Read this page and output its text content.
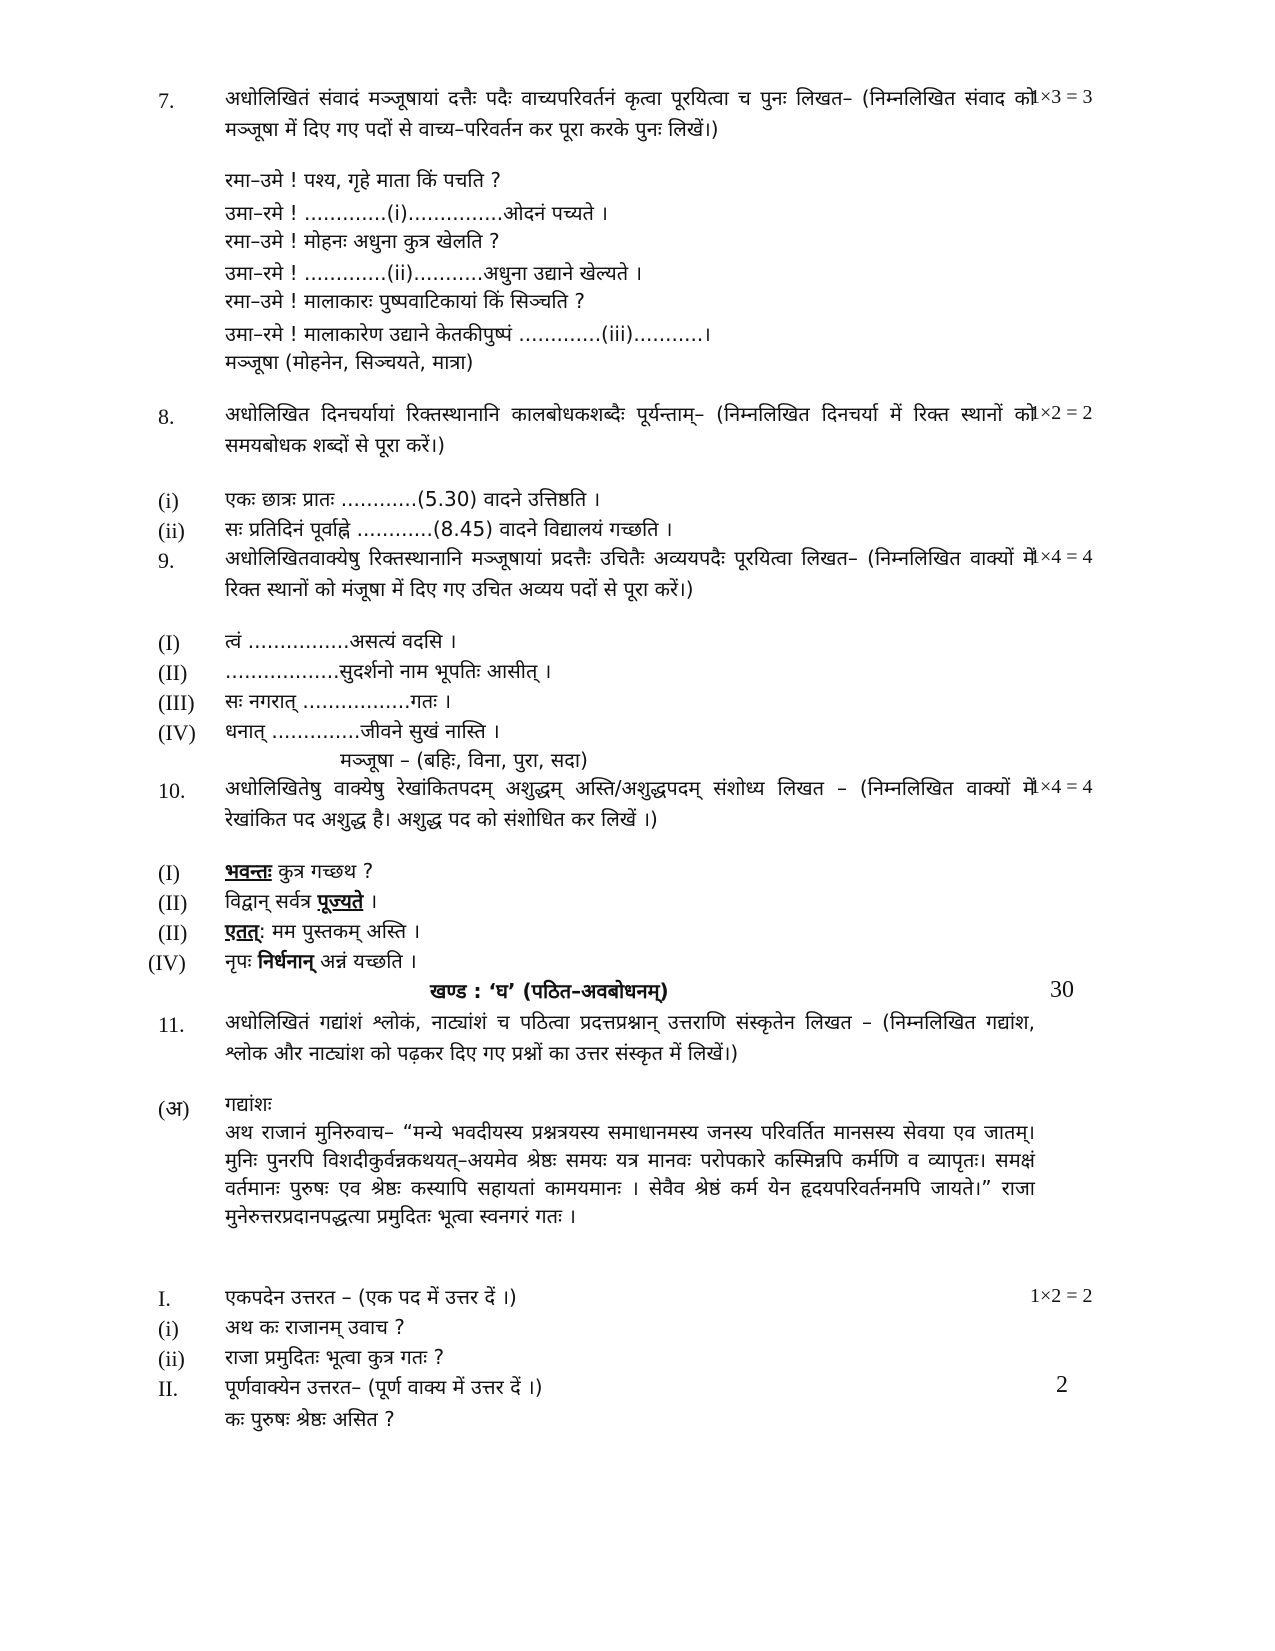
7.	अधोलिखितं संवादं मञ्जूषायां दत्तैः पदैः वाच्यपरिवर्तनं कृत्वा पूरयित्वा च पुनः लिखत– (निम्नलिखित संवाद को मञ्जूषा में दिए गए पदों से वाच्य–परिवर्तन कर पूरा करके पुनः लिखें।)
1×3 = 3
रमा–उमे ! पश्य, गृहे माता किं पचति ?
उमा–रमे ! .............(i)...............ओदनं पच्यते ।
रमा–उमे ! मोहनः अधुना कुत्र खेलति ?
उमा–रमे ! .............(ii)...........अधुना उद्याने खेल्यते ।
रमा–उमे ! मालाकारः पुष्पवाटिकायां किं सिञ्चति ?
उमा–रमे ! मालाकारेण उद्याने केतकीपुष्पं .............(iii)...........।
मञ्जूषा (मोहनेन, सिञ्चयते, मात्रा)
8.	अधोलिखित दिनचर्यायां रिक्तस्थानानि कालबोधकशब्दैः पूर्यन्ताम्– (निम्नलिखित दिनचर्या में रिक्त स्थानों को समयबोधक शब्दों से पूरा करें।)
1×2 = 2
(i) एकः छात्रः प्रातः ............(5.30) वादने उत्तिष्ठति ।
(ii) सः प्रतिदिनं पूर्वाह्ने ............(8.45) वादने विद्यालयं गच्छति ।
9.	अधोलिखितवाक्येषु रिक्तस्थानानि मञ्जूषायां प्रदत्तैः उचितैः अव्ययपदैः पूरयित्वा लिखत– (निम्नलिखित वाक्यों में रिक्त स्थानों को मंजूषा में दिए गए उचित अव्यय पदों से पूरा करें।)
1×4 = 4
(I) त्वं ................असत्यं वदसि ।
(II) ..................सुदर्शनो नाम भूपतिः आसीत् ।
(III) सः नगरात् .................गतः ।
(IV) धनात् ..............जीवने सुखं नास्ति ।
मञ्जूषा – (बहिः, विना, पुरा, सदा)
10. अधोलिखितेषु वाक्येषु रेखांकितपदम् अशुद्धम् अस्ति/अशुद्धपदम् संशोध्य लिखत – (निम्नलिखित वाक्यों में रेखांकित पद अशुद्ध है। अशुद्ध पद को संशोधित कर लिखें ।)
1×4 = 4
(I) भवन्तः कुत्र गच्छथ ?
(II) विद्वान् सर्वत्र पूज्यते ।
(II) एतत्: मम पुस्तकम् अस्ति ।
(IV) नृपः निर्धनान् अन्नं यच्छति ।
खण्ड : ‘घ’ (पठित–अवबोधनम्)	30
11. अधोलिखितं गद्यांशं श्लोकं, नाट्यांशं च पठित्वा प्रदत्तप्रश्नान् उत्तराणि संस्कृतेन लिखत – (निम्नलिखित गद्यांश, श्लोक और नाट्यांश को पढ़कर दिए गए प्रश्नों का उत्तर संस्कृत में लिखें।)
(अ) गद्यांशः
अथ राजानं मुनिरुवाच– “मन्ये भवदीयस्य प्रश्नत्रयस्य समाधानमस्य जनस्य परिवर्तित मानसस्य सेवया एव जातम्। मुनिः पुनरपि विशदीकुर्वन्नकथयत्–अयमेव श्रेष्ठः समयः यत्र मानवः परोपकारे कस्मिन्नपि कर्मणि व व्यापृतः। समक्षं वर्तमानः पुरुषः एव श्रेष्ठः कस्यापि सहायतां कामयमानः । सेवैव श्रेष्ठं कर्म येन हृदयपरिवर्तनमपि जायते।” राजा मुनेरुत्तरप्रदानपद्धत्या प्रमुदितः भूत्वा स्वनगरं गतः ।
I.	एकपदेन उत्तरत – (एक पद में उत्तर दें ।)	1×2 = 2
(i) अथ कः राजानम् उवाच ?
(ii) राजा प्रमुदितः भूत्वा कुत्र गतः ?
II. पूर्णवाक्येन उत्तरत– (पूर्ण वाक्य में उत्तर दें ।)	2
कः पुरुषः श्रेष्ठः असित ?
